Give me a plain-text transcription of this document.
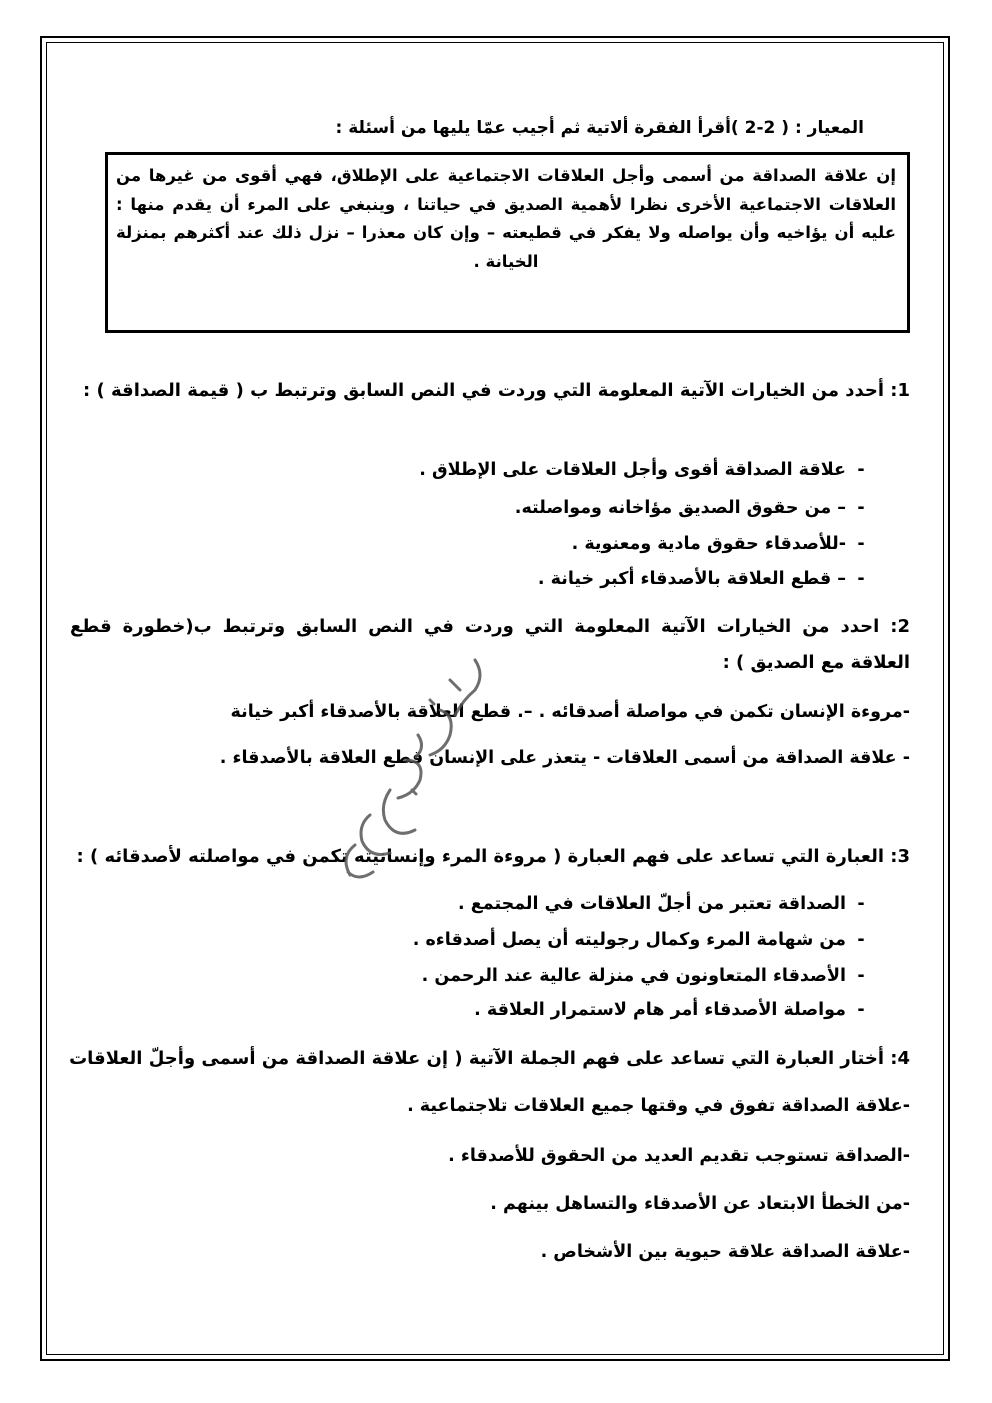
المعيار : ( 2-2 )أقرأ الفقرة ألاتية ثم أجيب عمّا يليها من أسئلة :

إن علاقة الصداقة من أسمى وأجل العلاقات الاجتماعية على الإطلاق، فهي أقوى من غيرها من العلاقات الاجتماعية الأخرى نظرا لأهمية الصديق في حياتنا ، وينبغي على المرء أن يقدم منها : عليه أن يؤاخيه وأن يواصله ولا يفكر في قطيعته – وإن كان معذرا – نزل ذلك عند أكثرهم بمنزلة الخيانة .

1: أحدد من الخيارات الآتية المعلومة التي وردت في النص السابق وترتبط ب ( قيمة الصداقة ) :
-علاقة الصداقة أقوى وأجل العلاقات على الإطلاق .
-– من حقوق الصديق مؤاخانه ومواصلته.
--للأصدقاء حقوق مادية ومعنوية .
-– قطع العلاقة بالأصدقاء أكبر خيانة .
2: احدد من الخيارات الآتية المعلومة التي وردت في النص السابق وترتبط ب(خطورة قطع
العلاقة مع الصديق ) :
-مروءة الإنسان تكمن في مواصلة أصدقائه . –. قطع العلاقة بالأصدقاء أكبر خيانة
- علاقة الصداقة من أسمى العلاقات - يتعذر على الإنسان قطع العلاقة بالأصدقاء .
3: العبارة التي تساعد على فهم العبارة ( مروءة المرء وإنسانيته تكمن في مواصلته لأصدقائه ) :
-الصداقة تعتبر من أجلّ العلاقات في المجتمع .
-من شهامة المرء وكمال رجوليته أن يصل أصدقاءه .
-الأصدقاء المتعاونون في منزلة عالية عند الرحمن .
-مواصلة الأصدقاء أمر هام لاستمرار العلاقة .
4: أختار العبارة التي تساعد على فهم الجملة الآتية ( إن علاقة الصداقة من أسمى وأجلّ العلاقات
-علاقة الصداقة تفوق في وقتها جميع العلاقات تلاجتماعية .
-الصداقة تستوجب تقديم العديد من الحقوق للأصدقاء .
-من الخطأ الابتعاد عن الأصدقاء والتساهل بينهم .
-علاقة الصداقة علاقة حيوية بين الأشخاص .
